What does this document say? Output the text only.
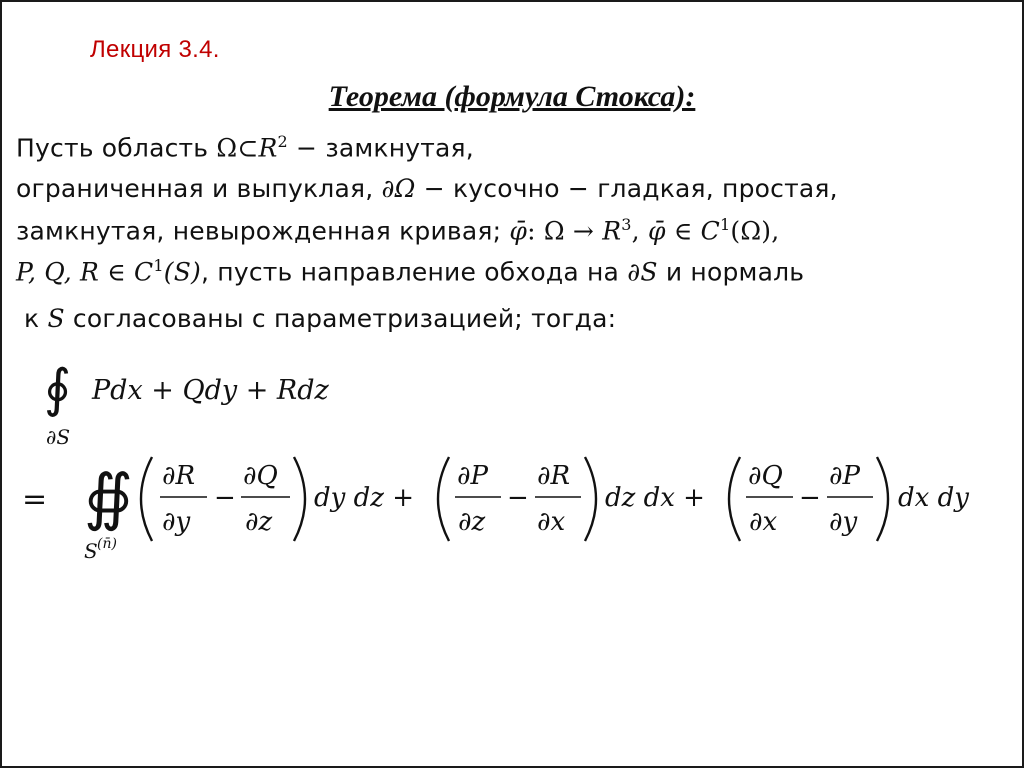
Лекция 3.4.
Теорема (формула Стокса):
Пусть область $\Omega\subset R^2$ − замкнутая,
ограниченная и выпуклая, ∂Ω − кусочно − гладкая, простая,
замкнутая, невырожденная кривая; φ̄: $\Omega \to R^3$, φ̄ ∈ $C^1(\Omega)$,
P, Q, R ∈ $C^1(S)$, пусть направление обхода на ∂S и нормаль
к S согласованы с параметризацией; тогда:
∮
∂S
Pdx + Qdy + Rdz
= ∯
S (n̄)
∂R
∂y
−
∂Q
∂z
dy dz +
∂P
∂z
−
∂R
∂x
dz dx +
∂Q
∂x
−
∂P
∂y
dx dy
